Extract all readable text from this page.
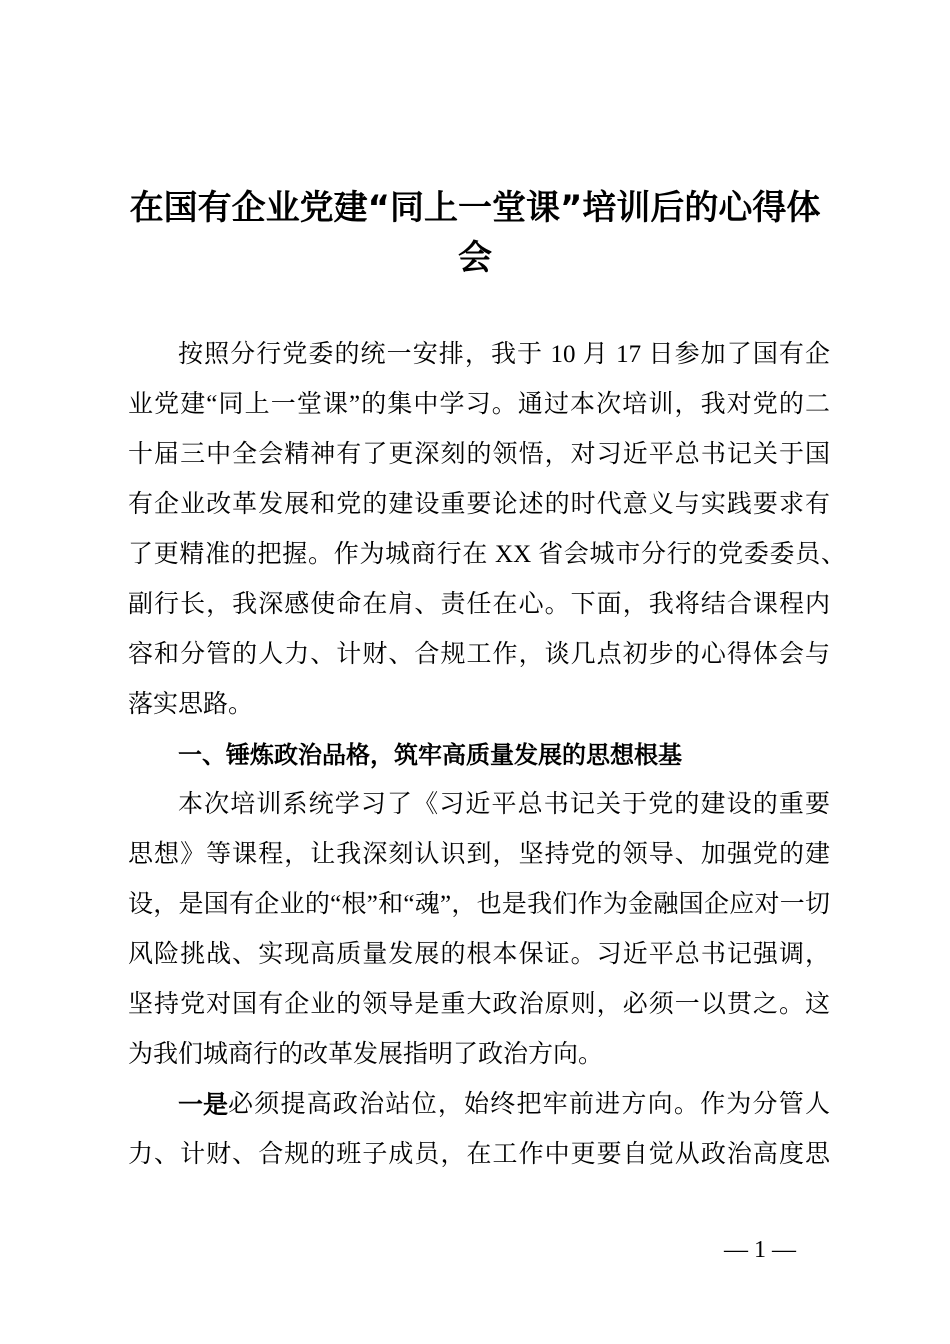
在国有企业党建“同上一堂课”培训后的心得体
会
按照分行党委的统一安排，我于 10 月 17 日参加了国有企
业党建“同上一堂课”的集中学习。通过本次培训，我对党的二
十届三中全会精神有了更深刻的领悟，对习近平总书记关于国
有企业改革发展和党的建设重要论述的时代意义与实践要求有
了更精准的把握。作为城商行在 XX 省会城市分行的党委委员、
副行长，我深感使命在肩、责任在心。下面，我将结合课程内
容和分管的人力、计财、合规工作，谈几点初步的心得体会与
落实思路。
一、锤炼政治品格，筑牢高质量发展的思想根基
本次培训系统学习了《习近平总书记关于党的建设的重要
思想》等课程，让我深刻认识到，坚持党的领导、加强党的建
设，是国有企业的“根”和“魂”，也是我们作为金融国企应对一切
风险挑战、实现高质量发展的根本保证。习近平总书记强调，
坚持党对国有企业的领导是重大政治原则，必须一以贯之。这
为我们城商行的改革发展指明了政治方向。
一是 必须提高政治站位，始终把牢前进方向。作为分管人
力、计财、合规的班子成员，在工作中更要自觉从政治高度思
— 1 —
